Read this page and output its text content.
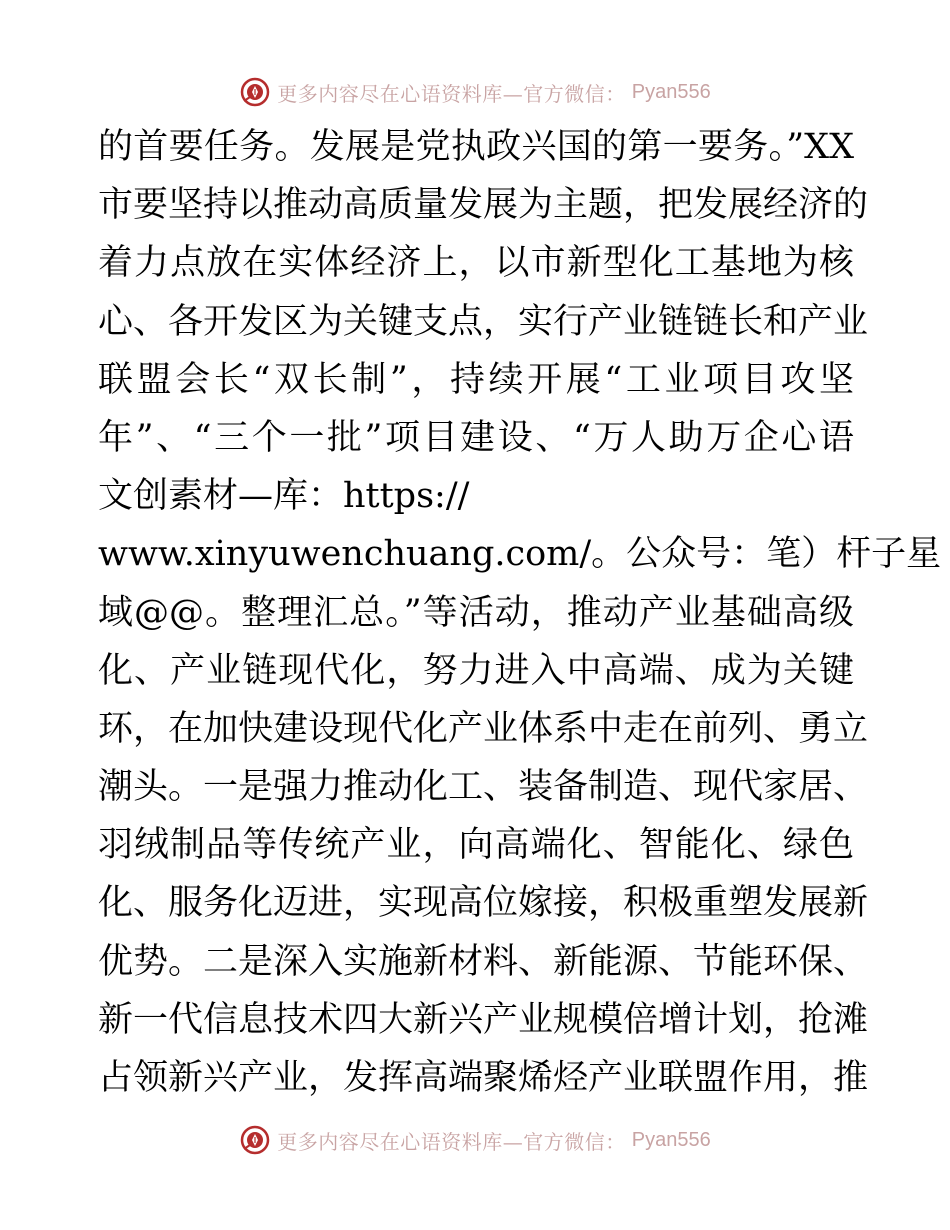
更多内容尽在心语资料库—官方微信： Pyan556
的首要任务。发展是党执政兴国的第一要务。”XX
市要坚持以推动高质量发展为主题，把发展经济的
着力点放在实体经济上，以市新型化工基地为核
心、各开发区为关键支点，实行产业链链长和产业
联盟会长“双长制”，持续开展“工业项目攻坚
年”、“三个一批”项目建设、“万人助万企心语
文创素材—库：https://
www.xinyuwenchuang.com/。公众号：笔）杆子星
域@@。整理汇总。”等活动，推动产业基础高级
化、产业链现代化，努力进入中高端、成为关键
环，在加快建设现代化产业体系中走在前列、勇立
潮头。一是强力推动化工、装备制造、现代家居、
羽绒制品等传统产业，向高端化、智能化、绿色
化、服务化迈进，实现高位嫁接，积极重塑发展新
优势。二是深入实施新材料、新能源、节能环保、
新一代信息技术四大新兴产业规模倍增计划，抢滩
占领新兴产业，发挥高端聚烯烃产业联盟作用，推
更多内容尽在心语资料库—官方微信： Pyan556
